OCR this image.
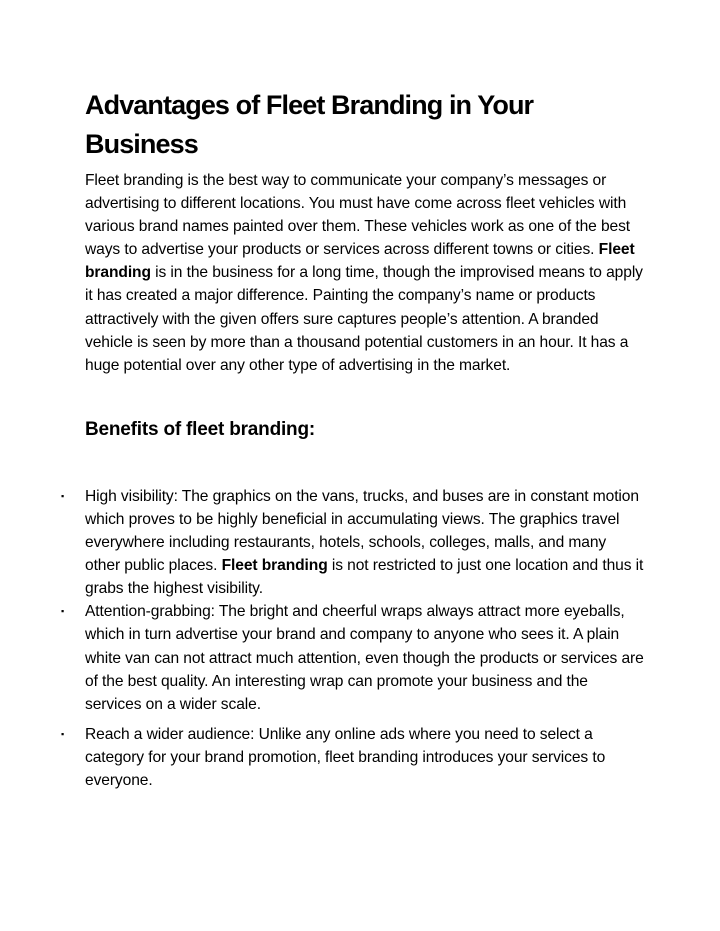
Advantages of Fleet Branding in Your Business

Fleet branding is the best way to communicate your company’s messages or advertising to different locations. You must have come across fleet vehicles with various brand names painted over them. These vehicles work as one of the best ways to advertise your products or services across different towns or cities. Fleet branding is in the business for a long time, though the improvised means to apply it has created a major difference. Painting the company’s name or products attractively with the given offers sure captures people’s attention. A branded vehicle is seen by more than a thousand potential customers in an hour. It has a huge potential over any other type of advertising in the market.

Benefits of fleet branding:
▪ High visibility: The graphics on the vans, trucks, and buses are in constant motion which proves to be highly beneficial in accumulating views. The graphics travel everywhere including restaurants, hotels, schools, colleges, malls, and many other public places. Fleet branding is not restricted to just one location and thus it grabs the highest visibility.
▪ Attention-grabbing: The bright and cheerful wraps always attract more eyeballs, which in turn advertise your brand and company to anyone who sees it. A plain white van can not attract much attention, even though the products or services are of the best quality. An interesting wrap can promote your business and the services on a wider scale.
▪ Reach a wider audience: Unlike any online ads where you need to select a category for your brand promotion, fleet branding introduces your services to everyone.
